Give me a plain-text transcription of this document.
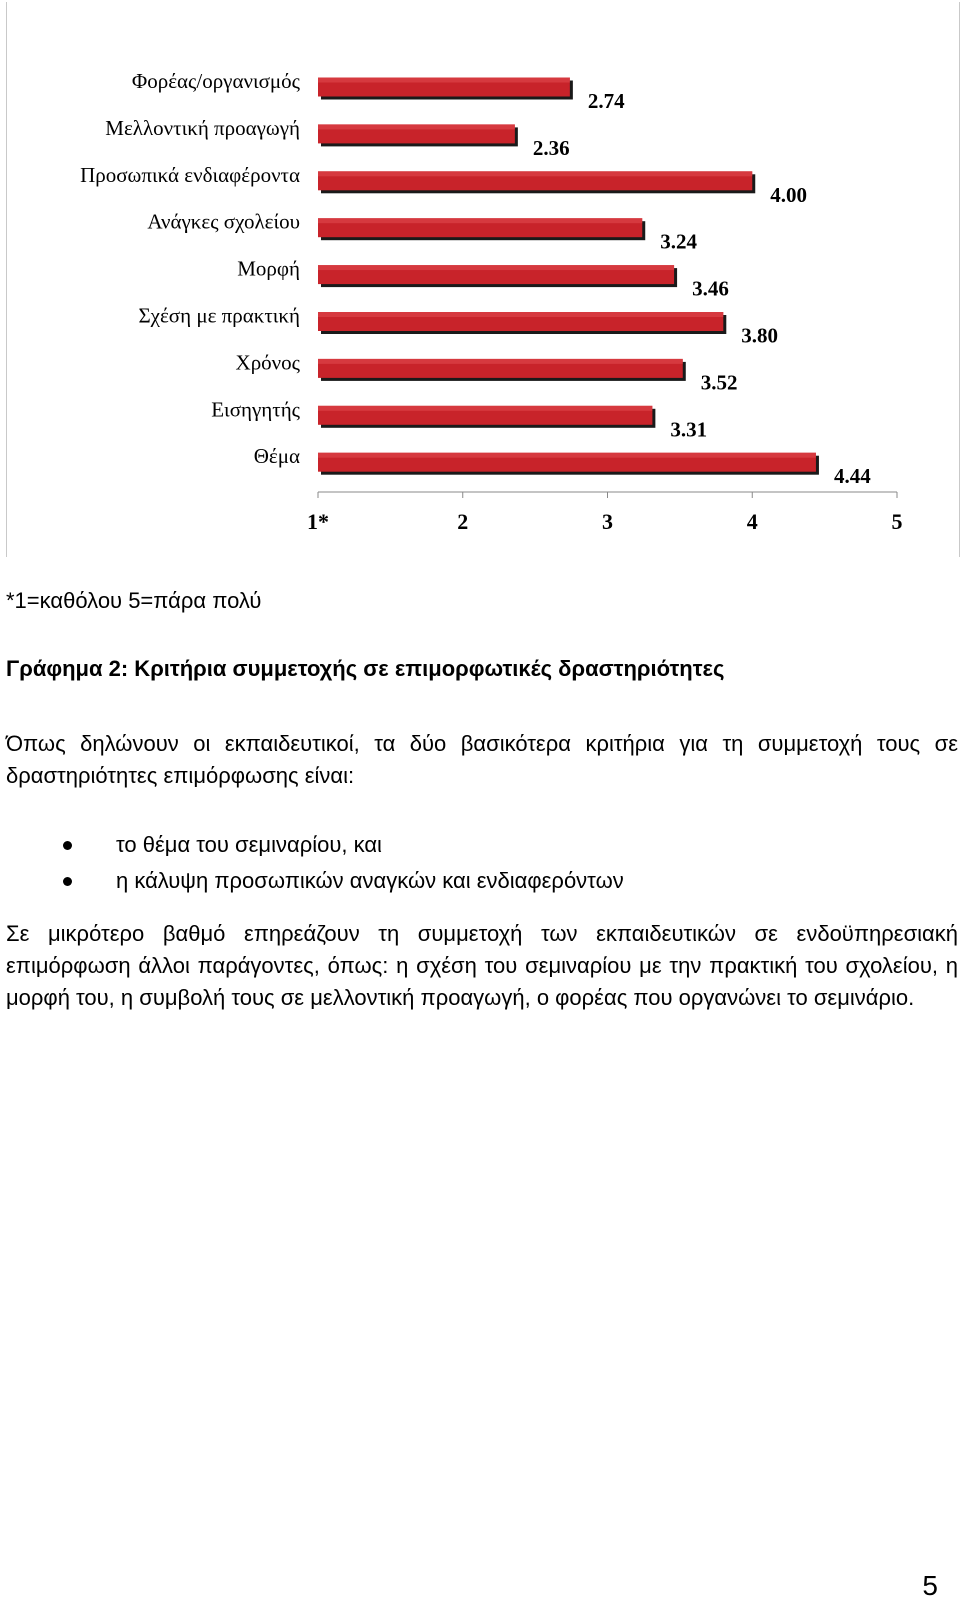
1*	2	3	4	5
Φορέας/οργανισμός
2.74
Μελλοντική προαγωγή
2.36
Προσωπικά ενδιαφέροντα
4.00
Ανάγκες σχολείου
3.24
Μορφή
3.46
Σχέση με πρακτική
3.80
Χρόνος
3.52
Εισηγητής
3.31
Θέμα
4.44
*1=καθόλου 5=πάρα πολύ
Γράφημα 2: Κριτήρια συμμετοχής σε επιμορφωτικές δραστηριότητες

Όπως δηλώνουν οι εκπαιδευτικοί, τα δύο βασικότερα κριτήρια για τη συμμετοχή τους σε δραστηριότητες επιμόρφωσης είναι:

το θέμα του σεμιναρίου, και
η κάλυψη προσωπικών αναγκών και ενδιαφερόντων

Σε μικρότερο βαθμό επηρεάζουν τη συμμετοχή των εκπαιδευτικών σε ενδοϋπηρεσιακή επιμόρφωση άλλοι παράγοντες, όπως: η σχέση του σεμιναρίου με την πρακτική του σχολείου, η μορφή του, η συμβολή τους σε μελλοντική προαγωγή, ο φορέας που οργανώνει το σεμινάριο.

5
